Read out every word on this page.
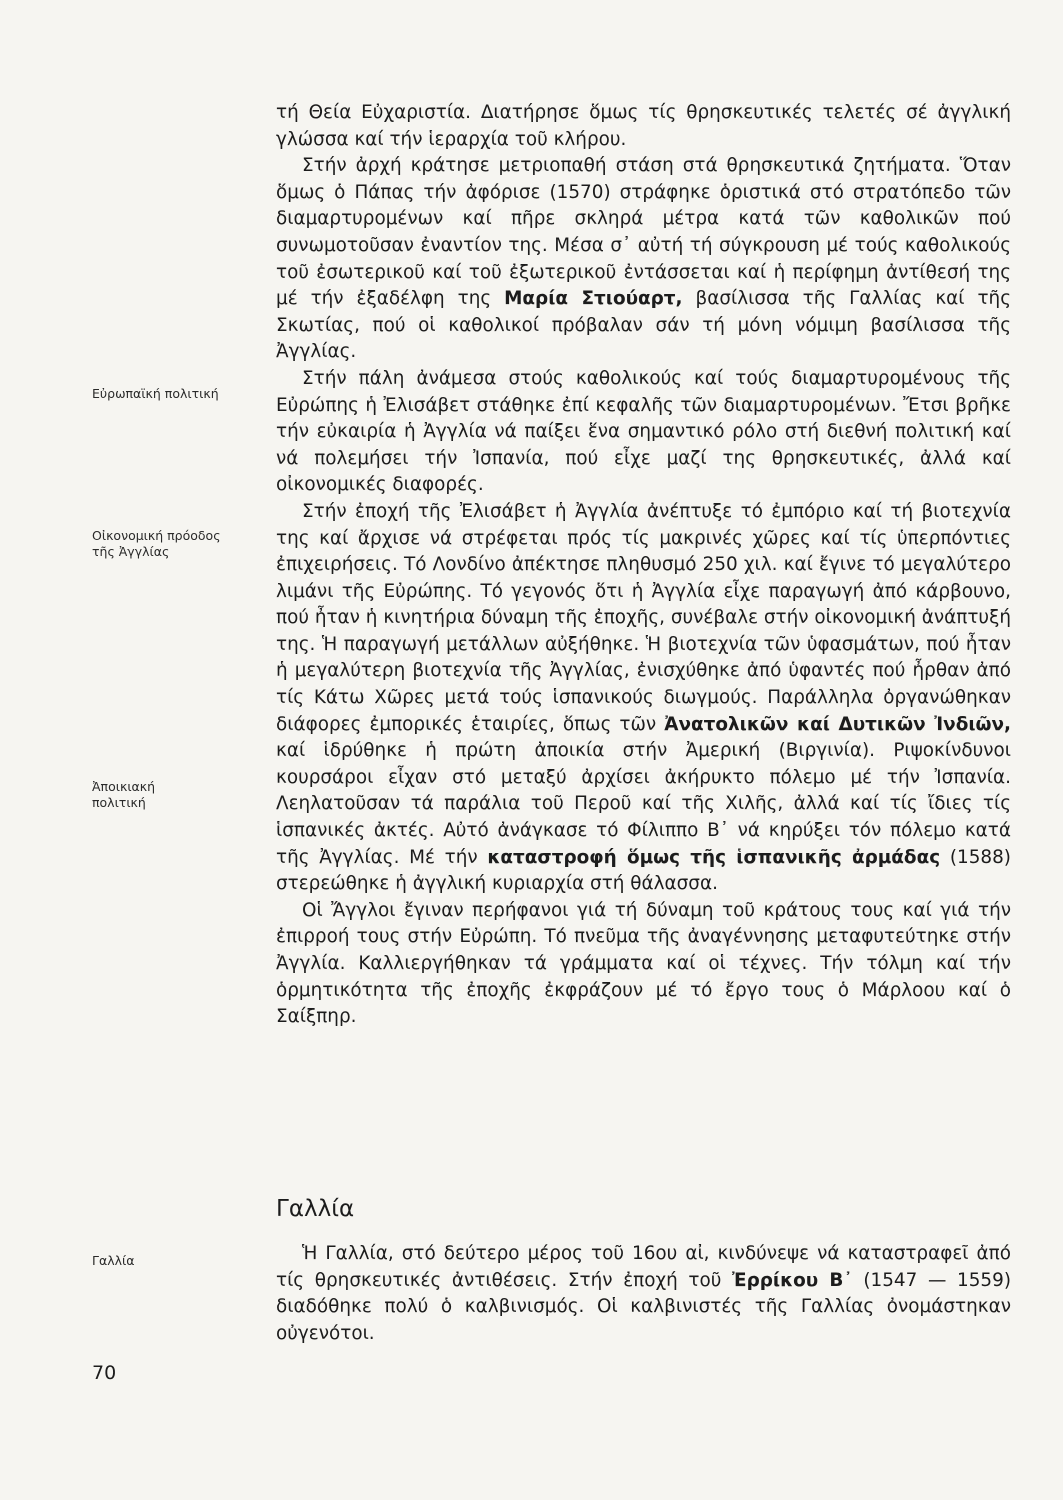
Εὐρωπαϊκή πολιτική
Οἰκονομική πρόοδος
τῆς Ἀγγλίας
Ἀποικιακή
πολιτική
Γαλλία

τή Θεία Εὐχαριστία. Διατήρησε ὅμως τίς θρησκευτικές τελετές σέ ἀγγλική γλώσσα καί τήν ἱεραρχία τοῦ κλήρου.

Στήν ἀρχή κράτησε μετριοπαθή στάση στά θρησκευτικά ζητήματα. Ὅταν ὅμως ὁ Πάπας τήν ἀφόρισε (1570) στράφηκε ὁριστικά στό στρατόπεδο τῶν διαμαρτυρομένων καί πῆρε σκληρά μέτρα κατά τῶν καθολικῶν πού συνωμοτοῦσαν ἐναντίον της. Μέσα σ᾽ αὐτή τή σύγκρουση μέ τούς καθολικούς τοῦ ἐσωτερικοῦ καί τοῦ ἐξωτερικοῦ ἐντάσσεται καί ἡ περίφημη ἀντίθεσή της μέ τήν ἐξαδέλφη της Μαρία Στιούαρτ, βασίλισσα τῆς Γαλλίας καί τῆς Σκωτίας, πού οἱ καθολικοί πρόβαλαν σάν τή μόνη νόμιμη βασίλισσα τῆς Ἀγγλίας.

Στήν πάλη ἀνάμεσα στούς καθολικούς καί τούς διαμαρτυρομένους τῆς Εὐρώπης ἡ Ἐλισάβετ στάθηκε ἐπί κεφαλῆς τῶν διαμαρτυρομένων. Ἔτσι βρῆκε τήν εὐκαιρία ἡ Ἀγγλία νά παίξει ἕνα σημαντικό ρόλο στή διεθνή πολιτική καί νά πολεμήσει τήν Ἰσπανία, πού εἶχε μαζί της θρησκευτικές, ἀλλά καί οἰκονομικές διαφορές.

Στήν ἐποχή τῆς Ἐλισάβετ ἡ Ἀγγλία ἀνέπτυξε τό ἐμπόριο καί τή βιοτεχνία της καί ἄρχισε νά στρέφεται πρός τίς μακρινές χῶρες καί τίς ὑπερπόντιες ἐπιχειρήσεις. Τό Λονδίνο ἀπέκτησε πληθυσμό 250 χιλ. καί ἔγινε τό μεγαλύτερο λιμάνι τῆς Εὐρώπης. Τό γεγονός ὅτι ἡ Ἀγγλία εἶχε παραγωγή ἀπό κάρβουνο, πού ἦταν ἡ κινητήρια δύναμη τῆς ἐποχῆς, συνέβαλε στήν οἰκονομική ἀνάπτυξή της. Ἡ παραγωγή μετάλλων αὐξήθηκε. Ἡ βιοτεχνία τῶν ὑφασμάτων, πού ἦταν ἡ μεγαλύτερη βιοτεχνία τῆς Ἀγγλίας, ἐνισχύθηκε ἀπό ὑφαντές πού ἦρθαν ἀπό τίς Κάτω Χῶρες μετά τούς ἱσπανικούς διωγμούς. Παράλληλα ὀργανώθηκαν διάφορες ἐμπορικές ἑταιρίες, ὅπως τῶν Ἀνατολικῶν καί Δυτικῶν Ἰνδιῶν, καί ἱδρύθηκε ἡ πρώτη ἀποικία στήν Ἀμερική (Βιργινία). Ριψοκίνδυνοι κουρσάροι εἶχαν στό μεταξύ ἀρχίσει ἀκήρυκτο πόλεμο μέ τήν Ἰσπανία. Λεηλατοῦσαν τά παράλια τοῦ Περοῦ καί τῆς Χιλῆς, ἀλλά καί τίς ἴδιες τίς ἱσπανικές ἀκτές. Αὐτό ἀνάγκασε τό Φίλιππο Β᾽ νά κηρύξει τόν πόλεμο κατά τῆς Ἀγγλίας. Μέ τήν καταστροφή ὅμως τῆς ἱσπανικῆς ἀρμάδας (1588) στερεώθηκε ἡ ἀγγλική κυριαρχία στή θάλασσα.

Οἱ Ἄγγλοι ἔγιναν περήφανοι γιά τή δύναμη τοῦ κράτους τους καί γιά τήν ἐπιρροή τους στήν Εὐρώπη. Τό πνεῦμα τῆς ἀναγέννησης μεταφυτεύτηκε στήν Ἀγγλία. Καλλιεργήθηκαν τά γράμματα καί οἱ τέχνες. Τήν τόλμη καί τήν ὁρμητικότητα τῆς ἐποχῆς ἐκφράζουν μέ τό ἔργο τους ὁ Μάρλοου καί ὁ Σαίξπηρ.

Γαλλία

Ἡ Γαλλία, στό δεύτερο μέρος τοῦ 16ου αἰ, κινδύνεψε νά καταστραφεῖ ἀπό τίς θρησκευτικές ἀντιθέσεις. Στήν ἐποχή τοῦ Ἐρρίκου Β᾽ (1547 — 1559) διαδόθηκε πολύ ὁ καλβινισμός. Οἱ καλβινιστές τῆς Γαλλίας ὀνομάστηκαν οὐγενότοι.

70
